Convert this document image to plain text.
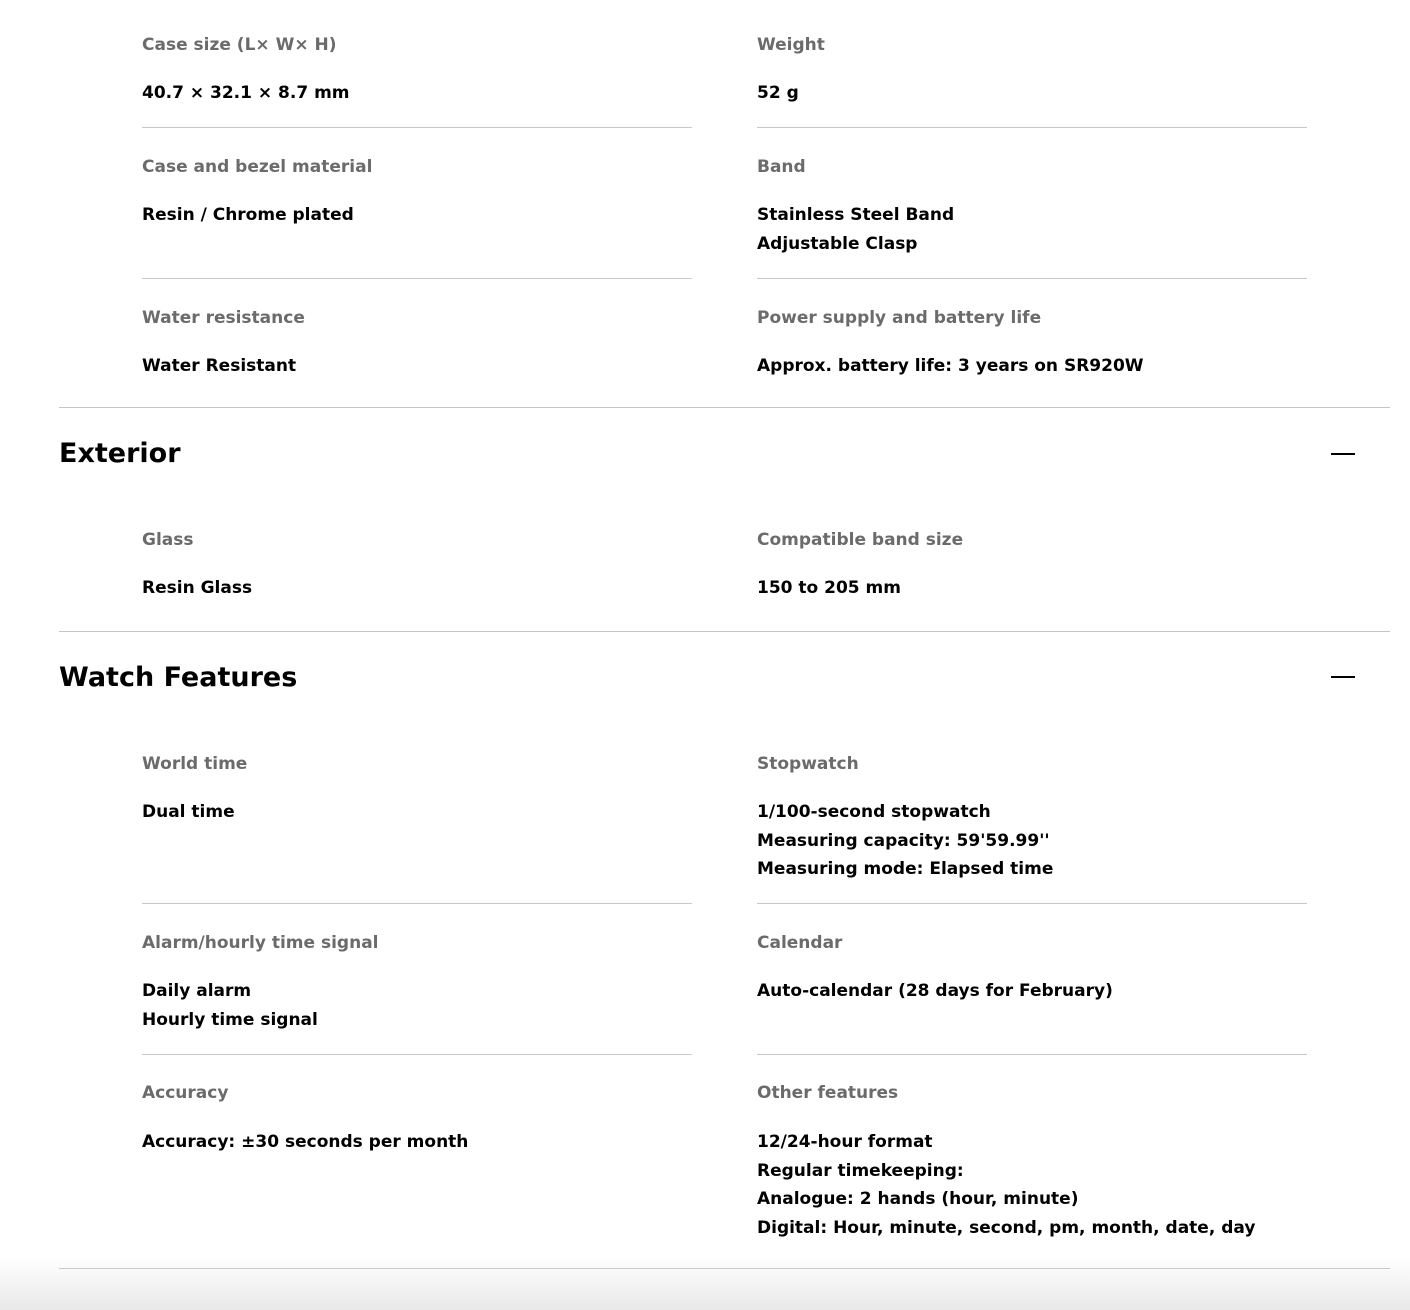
Case size (L× W× H)
40.7 × 32.1 × 8.7 mm
Weight
52 g
Case and bezel material
Resin / Chrome plated
Band
Stainless Steel Band
Adjustable Clasp
Water resistance
Water Resistant
Power supply and battery life
Approx. battery life: 3 years on SR920W
Exterior
Glass
Resin Glass
Compatible band size
150 to 205 mm
Watch Features
World time
Dual time
Stopwatch
1/100-second stopwatch
Measuring capacity: 59'59.99''
Measuring mode: Elapsed time
Alarm/hourly time signal
Daily alarm
Hourly time signal
Calendar
Auto-calendar (28 days for February)
Accuracy
Accuracy: ±30 seconds per month
Other features
12/24-hour format
Regular timekeeping:
Analogue: 2 hands (hour, minute)
Digital: Hour, minute, second, pm, month, date, day
